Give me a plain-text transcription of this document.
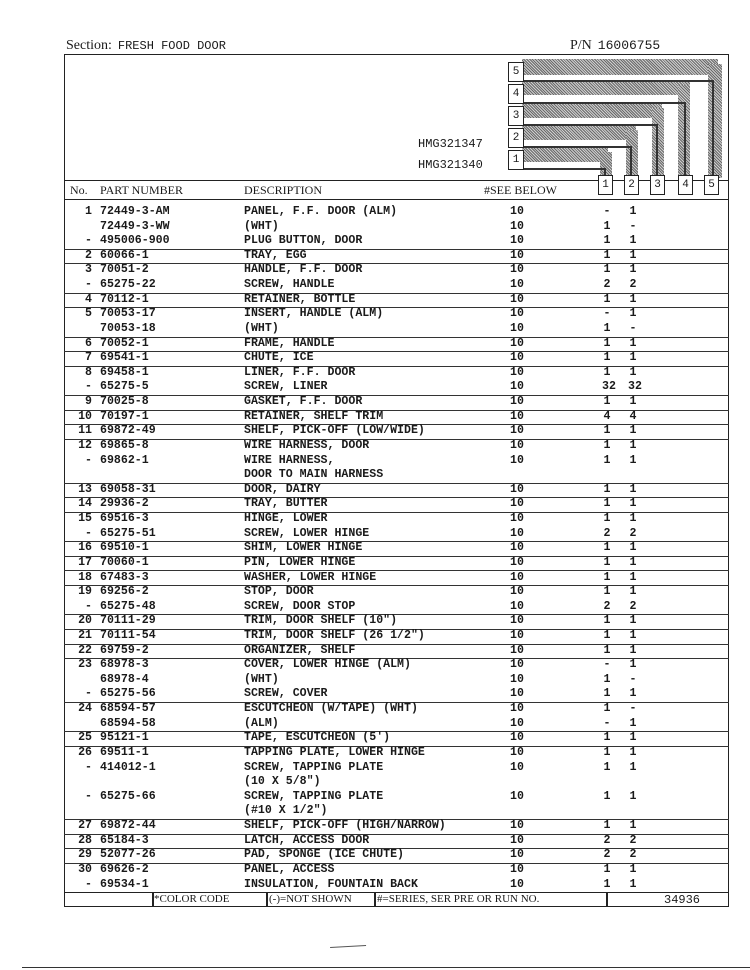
Section: FRESH FOOD DOOR	P/N 16006755
5
4
3
2
1
HMG321347
HMG321340
No. PART NUMBER	DESCRIPTION	#SEE BELOW	1	2	3	4	5
1 72449-3-AM	PANEL, F.F. DOOR (ALM)	10	- 1
72449-3-WW	(WHT)	10	1 -
- 495006-900	PLUG BUTTON, DOOR	10	1 1
2 60066-1	TRAY, EGG	10	1 1
3 70051-2	HANDLE, F.F. DOOR	10	1 1
- 65275-22	SCREW, HANDLE	10	2 2
4 70112-1	RETAINER, BOTTLE	10	1 1
5 70053-17	INSERT, HANDLE (ALM)	10	- 1
70053-18	(WHT)	10	1 -
6 70052-1	FRAME, HANDLE	10	1 1
7 69541-1	CHUTE, ICE	10	1 1
8 69458-1	LINER, F.F. DOOR	10	1 1
- 65275-5	SCREW, LINER	10	32 32
9 70025-8	GASKET, F.F. DOOR	10	1 1
10 70197-1	RETAINER, SHELF TRIM	10	4 4
11 69872-49	SHELF, PICK-OFF (LOW/WIDE)	10	1 1
12 69865-8	WIRE HARNESS, DOOR	10	1 1
- 69862-1	WIRE HARNESS,	10	1 1
DOOR TO MAIN HARNESS
13 69058-31	DOOR, DAIRY	10	1 1
14 29936-2	TRAY, BUTTER	10	1 1
15 69516-3	HINGE, LOWER	10	1 1
- 65275-51	SCREW, LOWER HINGE	10	2 2
16 69510-1	SHIM, LOWER HINGE	10	1 1
17 70060-1	PIN, LOWER HINGE	10	1 1
18 67483-3	WASHER, LOWER HINGE	10	1 1
19 69256-2	STOP, DOOR	10	1 1
- 65275-48	SCREW, DOOR STOP	10	2 2
20 70111-29	TRIM, DOOR SHELF (10")	10	1 1
21 70111-54	TRIM, DOOR SHELF (26 1/2")	10	1 1
22 69759-2	ORGANIZER, SHELF	10	1 1
23 68978-3	COVER, LOWER HINGE (ALM)	10	- 1
68978-4	(WHT)	10	1 -
- 65275-56	SCREW, COVER	10	1 1
24 68594-57	ESCUTCHEON (W/TAPE) (WHT)	10	1 -
68594-58	(ALM)	10	- 1
25 95121-1	TAPE, ESCUTCHEON (5')	10	1 1
26 69511-1	TAPPING PLATE, LOWER HINGE	10	1 1
- 414012-1	SCREW, TAPPING PLATE	10	1 1
(10 X 5/8")
- 65275-66	SCREW, TAPPING PLATE	10	1 1
(#10 X 1/2")
27 69872-44	SHELF, PICK-OFF (HIGH/NARROW)	10	1 1
28 65184-3	LATCH, ACCESS DOOR	10	2 2
29 52077-26	PAD, SPONGE (ICE CHUTE)	10	2 2
30 69626-2	PANEL, ACCESS	10	1 1
- 69534-1	INSULATION, FOUNTAIN BACK	10	1 1
*COLOR CODE	(-)=NOT SHOWN #=SERIES, SER PRE OR RUN NO.	34936
